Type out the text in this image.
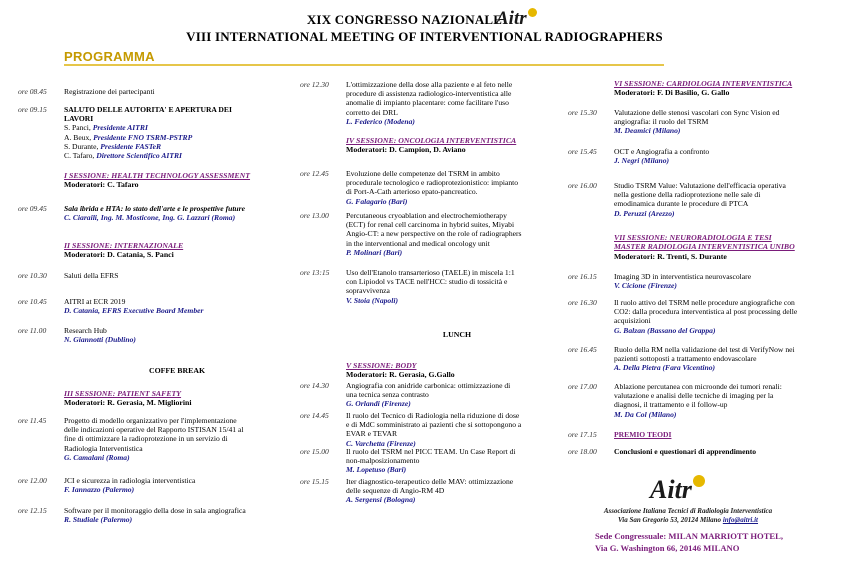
XIX CONGRESSO NAZIONALE
VIII INTERNATIONAL MEETING OF INTERVENTIONAL RADIOGRAPHERS
Aitr
PROGRAMMA
ore 08.45	Registrazione dei partecipanti
ore 09.15	SALUTO DELLE AUTORITA' E APERTURA DEI
LAVORI
S. Panci, Presidente AITRI
A. Beux, Presidente FNO TSRM-PSTRP
S. Durante, Presidente FASTeR
C. Tafaro, Direttore Scientifico AITRI
I SESSIONE: HEALTH TECHNOLOGY ASSESSMENT
Moderatori: C. Tafaro
ore 09.45	Sala ibrida e HTA: lo stato dell'arte e le prospettive future
C. Ciaraili, Ing. M. Mosticone, Ing. G. Lazzari (Roma)
II SESSIONE: INTERNAZIONALE
Moderatori: D. Catania, S. Panci
ore 10.30	Saluti della EFRS
ore 10.45	AITRI at ECR 2019
D. Catania, EFRS Executive Board Member
ore 11.00	Research Hub
N. Giannotti (Dublino)
COFFE BREAK
III SESSIONE: PATIENT SAFETY
Moderatori: R. Gerasia, M. Migliorini
ore 11.45	Progetto di modello organizzativo per l'implementazione
delle indicazioni operative del Rapporto ISTISAN 15/41 al
fine di ottimizzare la radioprotezione in un servizio di
Radiologia Interventistica
G. Camalani (Roma)
ore 12.00	JCI e sicurezza in radiologia interventistica
F. Iannazzo (Palermo)
ore 12.15	Software per il monitoraggio della dose in sala angiografica
R. Studiale (Palermo)
ore 12.30	L'ottimizzazione della dose alla paziente e al feto nelle
procedure di assistenza radiologico-interventistica alle
anomalie di impianto placentare: come facilitare l'uso
corretto dei DRL
L. Federico (Modena)
IV SESSIONE: ONCOLOGIA INTERVENTISTICA
Moderatori: D. Campion, D. Aviano
ore 12.45	Evoluzione delle competenze del TSRM in ambito
procedurale tecnologico e radioprotezionistico: impianto
di Port-A-Cath arterioso epato-pancreatico.
G. Falagario (Bari)
ore 13.00	Percutaneous cryoablation and electrochemiotherapy
(ECT) for renal cell carcinoma in hybrid suites, Miyabi
Angio-CT: a new perspective on the role of radiographers
in the interventional and medical oncology unit
P. Molinari (Bari)
ore 13:15	Uso dell'Etanolo transarterioso (TAELE) in miscela 1:1
con Lipiodol vs TACE nell'HCC: studio di tossicità e
sopravvivenza
V. Stoia (Napoli)
LUNCH
V SESSIONE: BODY
Moderatori: R. Gerasia, G.Gallo
ore 14.30	Angiografia con anidride carbonica: ottimizzazione di
una tecnica senza contrasto
G. Orlandi (Firenze)
ore 14.45	Il ruolo del Tecnico di Radiologia nella riduzione di dose
e di MdC somministrato ai pazienti che si sottopongono a
EVAR e TEVAR
C. Varchetta (Firenze)
ore 15.00	Il ruolo del TSRM nel PICC TEAM. Un Case Report di
non-malposizionamento
M. Lopetuso (Bari)
ore 15.15	Iter diagnostico-terapeutico delle MAV: ottimizzazione
delle sequenze di Angio-RM 4D
A. Sergensi (Bologna)
VI SESSIONE: CARDIOLOGIA INTERVENTISTICA
Moderatori: F. Di Basilio, G. Gallo
ore 15.30	Valutazione delle stenosi vascolari con Sync Vision ed
angiografia: il ruolo del TSRM
M. Deamici (Milano)
ore 15.45	OCT e Angiografia a confronto
J. Negri (Milano)
ore 16.00	Studio TSRM Value: Valutazione dell'efficacia operativa
nella gestione della radioprotezione nelle sale di
emodinamica durante le procedure di PTCA
D. Peruzzi (Arezzo)
VII SESSIONE: NEURORADIOLOGIA E TESI
MASTER RADIOLOGIA INTERVENTISTICA UNIBO
Moderatori: R. Trenti, S. Durante
ore 16.15	Imaging 3D in interventistica neurovascolare
V. Cicione (Firenze)
ore 16.30	Il ruolo attivo del TSRM nelle procedure angiografiche con
CO2: dalla procedura interventistica al post processing delle
acquisizioni
G. Balzan (Bassano del Grappa)
ore 16.45	Ruolo della RM nella validazione del test di VerifyNow nei
pazienti sottoposti a trattamento endovascolare
A. Della Pietra (Fara Vicentino)
ore 17.00	Ablazione percutanea con microonde dei tumori renali:
valutazione e analisi delle tecniche di imaging per la
diagnosi, il trattamento e il follow-up
M. Da Col (Milano)
ore 17.15	PREMIO TEODI
ore 18.00	Conclusioni e questionari di apprendimento
Aitr
Associazione Italiana Tecnici di Radiologia Interventistica
Via San Gregorio 53, 20124 Milano info@aitri.it
Sede Congressuale: MILAN MARRIOTT HOTEL,
Via G. Washington 66, 20146 MILANO
